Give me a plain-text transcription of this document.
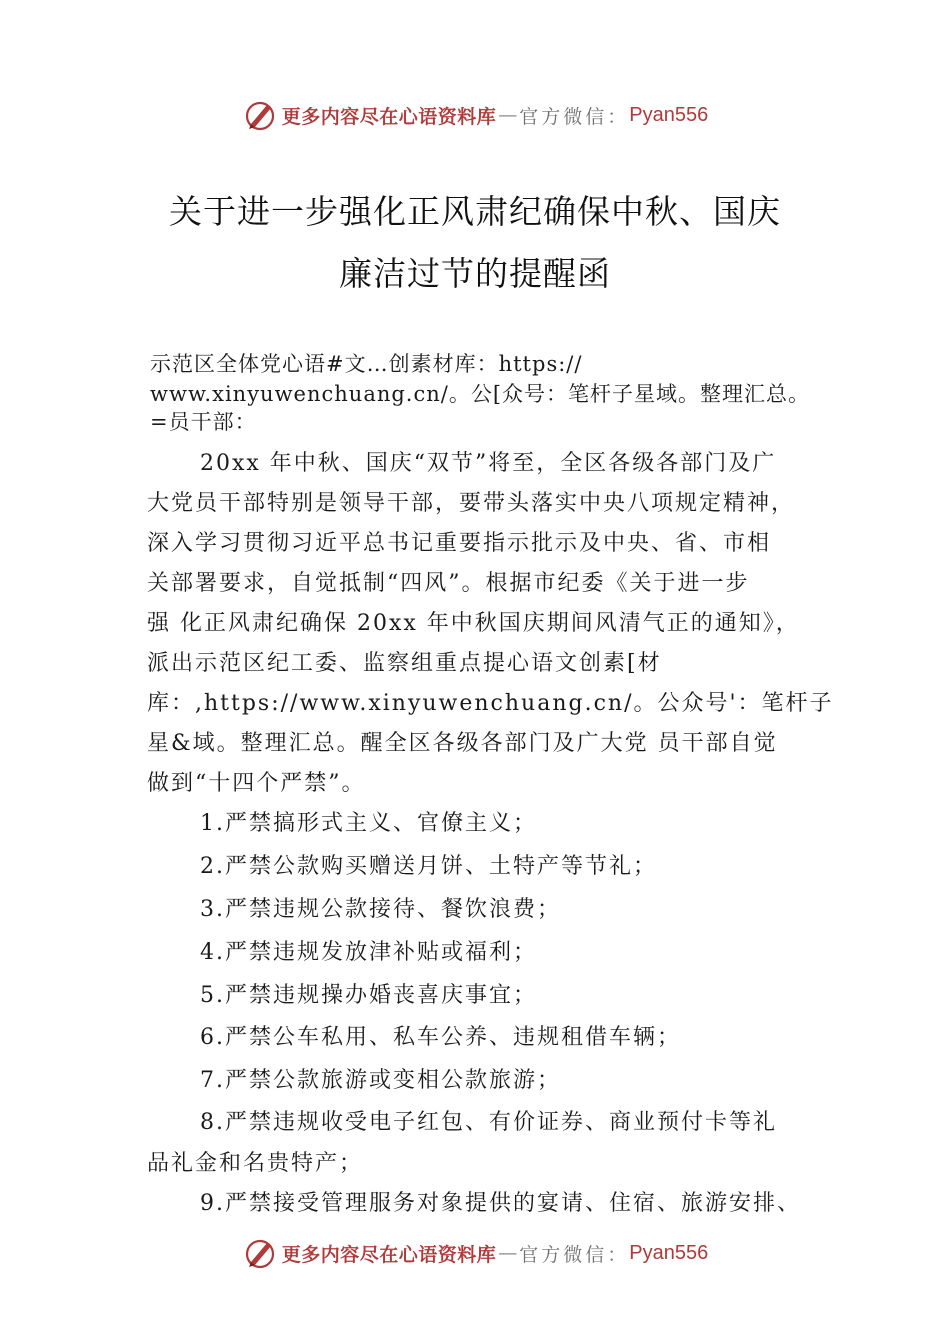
更多内容尽在心语资料库 — 官方微信： Pyan556
关于进一步强化正风肃纪确保中秋、国庆
廉洁过节的提醒函
示范区全体党心语#文…创素材库：https://
www.xinyuwenchuang.cn/。公[众号：笔杆子星域。整理汇总。
=员干部：
20xx 年中秋、国庆“双节”将至，全区各级各部门及广
大党员干部特别是领导干部，要带头落实中央八项规定精神，
深入学习贯彻习近平总书记重要指示批示及中央、省、市相
关部署要求，自觉抵制“四风”。根据市纪委《关于进一步
强 化正风肃纪确保 20xx 年中秋国庆期间风清气正的通知》，
派出示范区纪工委、监察组重点提心语文创素[材
库：,https://www.xinyuwenchuang.cn/。公众号'：笔杆子
星&域。整理汇总。醒全区各级各部门及广大党 员干部自觉
做到“十四个严禁”。
1.严禁搞形式主义、官僚主义；
2.严禁公款购买赠送月饼、土特产等节礼；
3.严禁违规公款接待、餐饮浪费；
4.严禁违规发放津补贴或福利；
5.严禁违规操办婚丧喜庆事宜；
6.严禁公车私用、私车公养、违规租借车辆；
7.严禁公款旅游或变相公款旅游；
8.严禁违规收受电子红包、有价证券、商业预付卡等礼
品礼金和名贵特产；
9.严禁接受管理服务对象提供的宴请、住宿、旅游安排、
更多内容尽在心语资料库 — 官方微信： Pyan556
